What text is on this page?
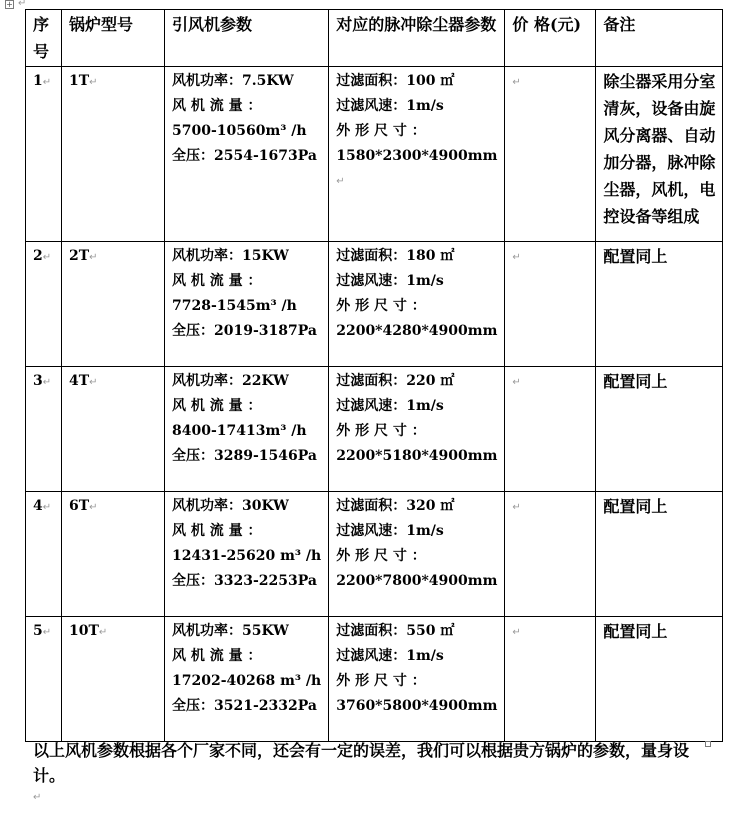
+ ↵
序号	锅炉型号	引风机参数	对应的脉冲除尘器参数	价 格(元)	备注
1↵	1T↵	风机功率：7.5KW
风 机 流 量 ：
5700-10560m³ /h
全压：2554-1673Pa	过滤面积：100 ㎡
过滤风速：1m/s
外 形 尺 寸 ：
1580*2300*4900mm
↵	↵	除尘器采用分室清灰，设备由旋风分离器、自动加分器，脉冲除尘器，风机，电控设备等组成
2↵	2T↵	风机功率：15KW
风 机 流 量 ：
7728-1545m³ /h
全压：2019-3187Pa	过滤面积：180 ㎡
过滤风速：1m/s
外 形 尺 寸 ：
2200*4280*4900mm	↵	配置同上
3↵	4T↵	风机功率：22KW
风 机 流 量 ：
8400-17413m³ /h
全压：3289-1546Pa	过滤面积：220 ㎡
过滤风速：1m/s
外 形 尺 寸 ：
2200*5180*4900mm	↵	配置同上
4↵	6T↵	风机功率：30KW
风 机 流 量 ：
12431-25620 m³ /h
全压：3323-2253Pa	过滤面积：320 ㎡
过滤风速：1m/s
外 形 尺 寸 ：
2200*7800*4900mm	↵	配置同上
5↵	10T↵	风机功率：55KW
风 机 流 量 ：
17202-40268 m³ /h
全压：3521-2332Pa	过滤面积：550 ㎡
过滤风速：1m/s
外 形 尺 寸 ：
3760*5800*4900mm	↵	配置同上
以上风机参数根据各个厂家不同，还会有一定的误差，我们可以根据贵方锅炉的参数，量身设计。
↵
